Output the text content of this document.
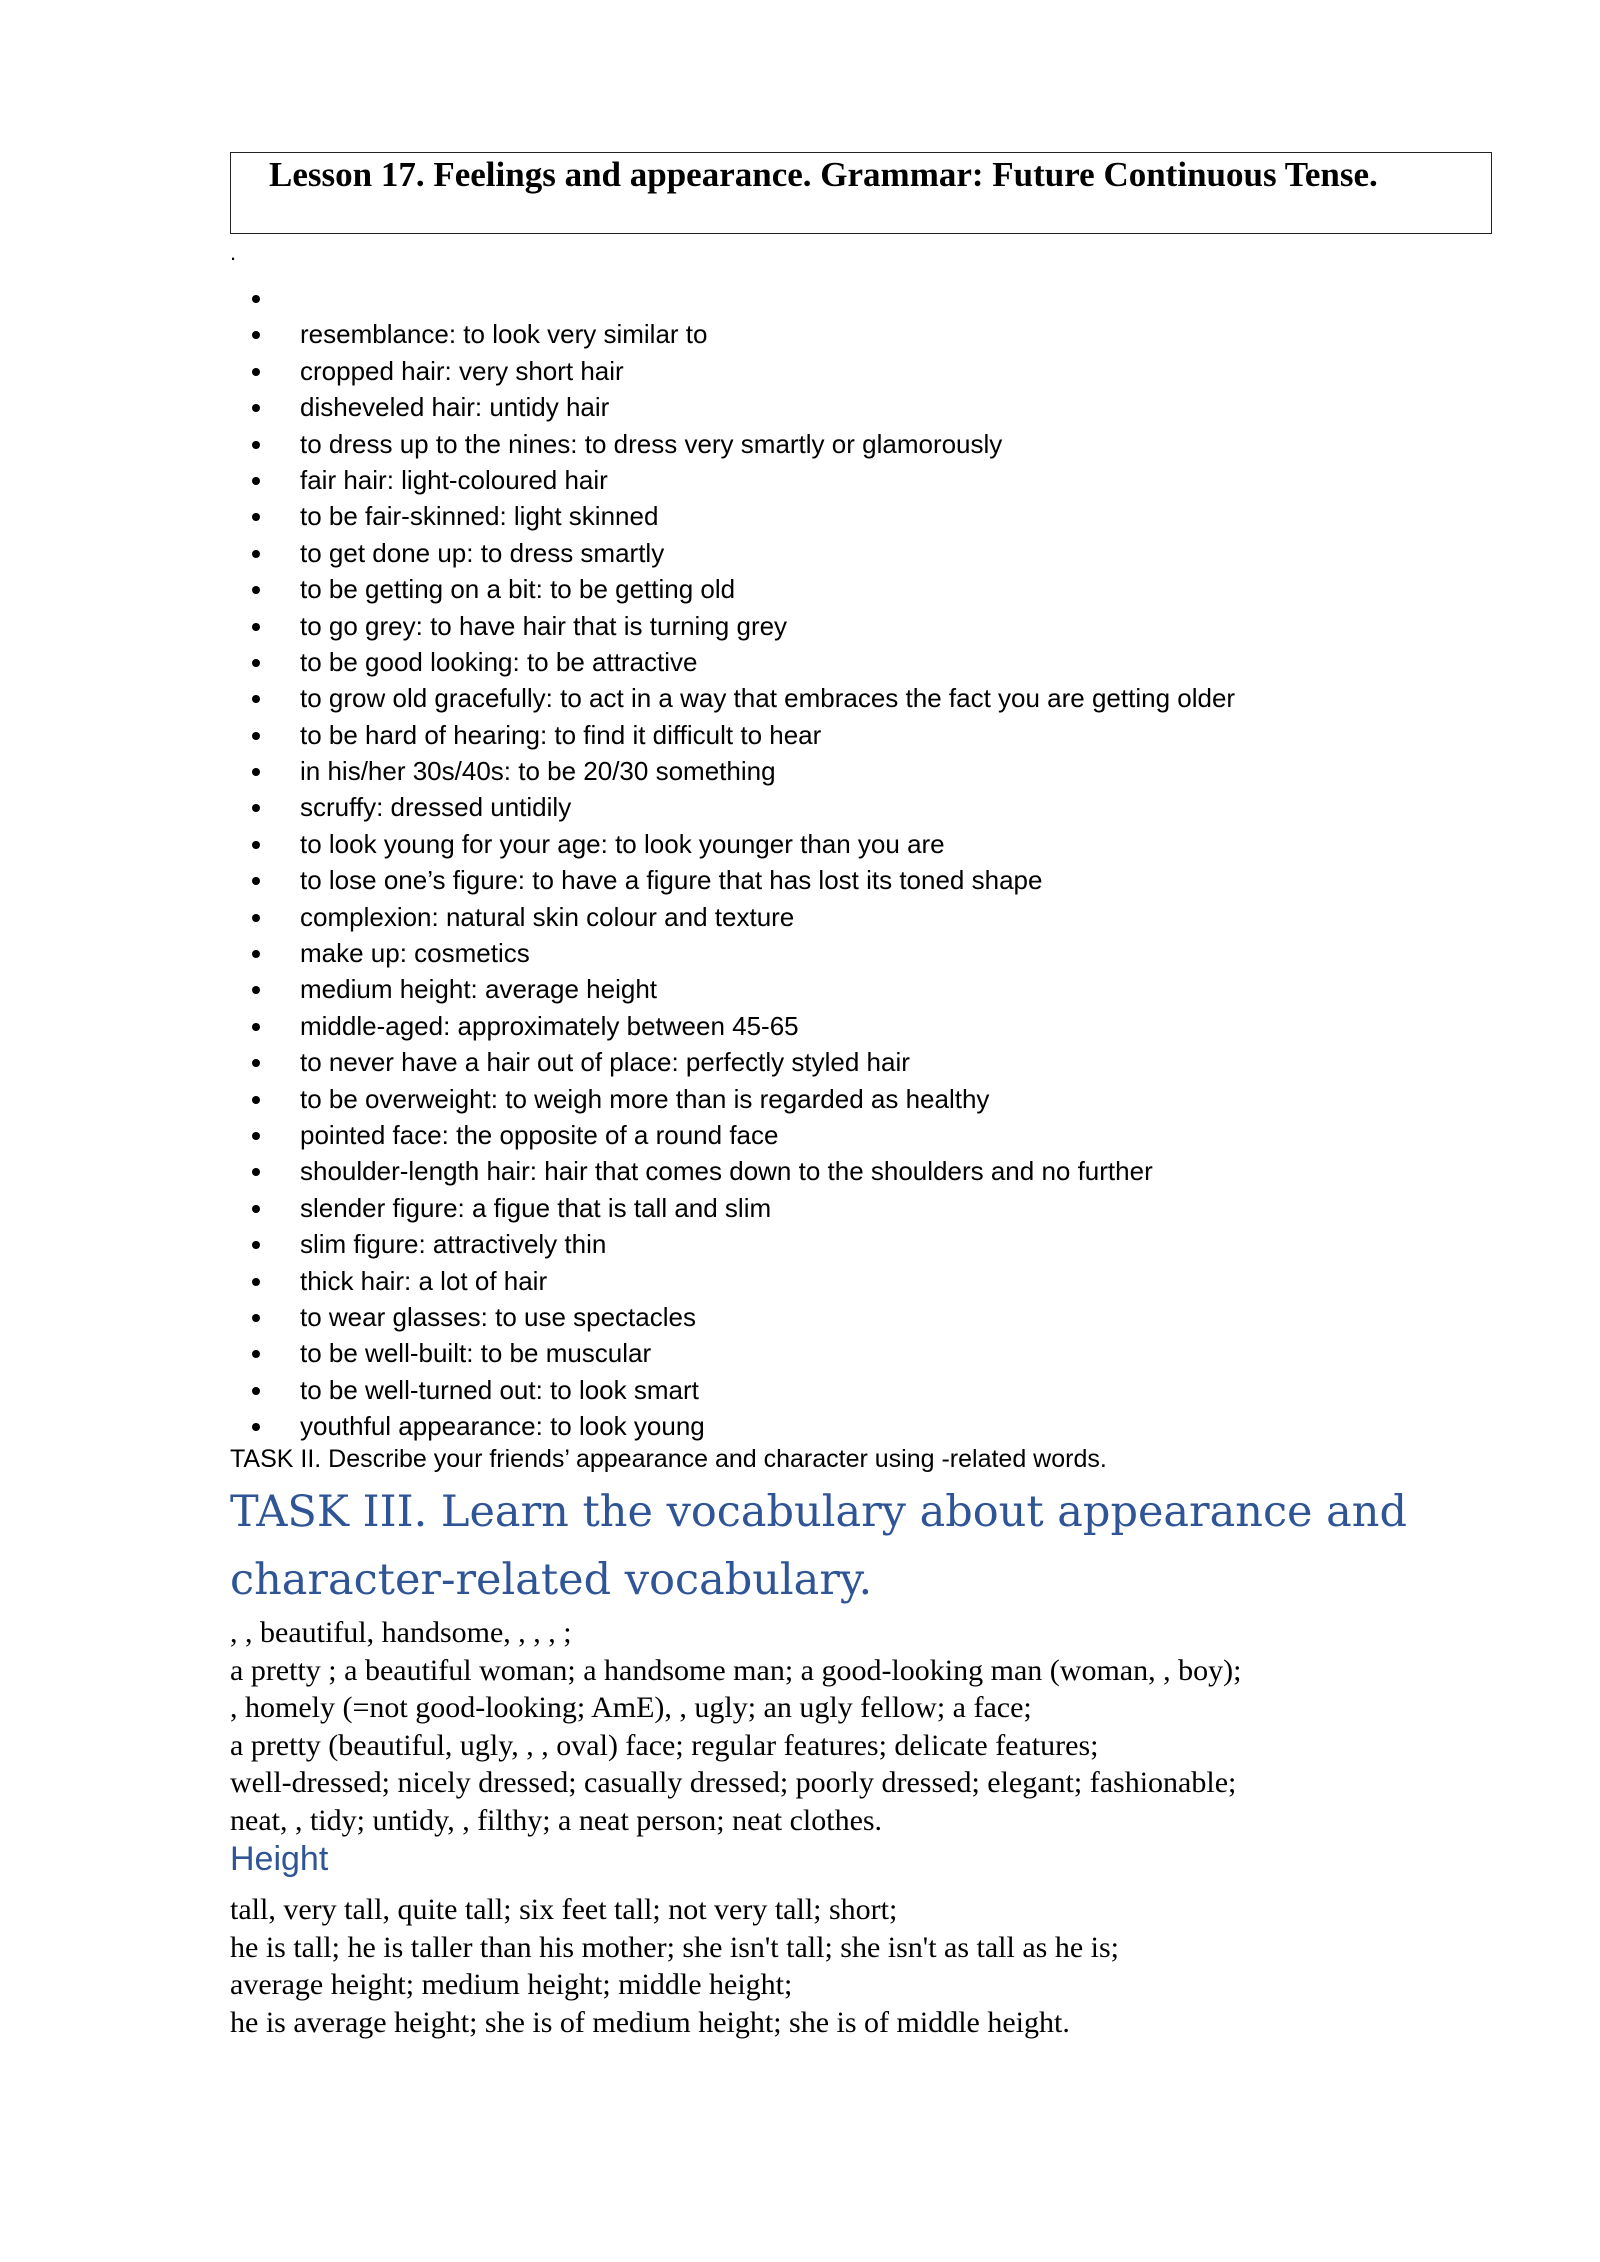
Lesson 17. Feelings and appearance. Grammar: Future Continuous Tense.
.
resemblance: to look very similar to
cropped hair: very short hair
disheveled hair: untidy hair
to dress up to the nines: to dress very smartly or glamorously
fair hair: light-coloured hair
to be fair-skinned: light skinned
to get done up: to dress smartly
to be getting on a bit: to be getting old
to go grey: to have hair that is turning grey
to be good looking: to be attractive
to grow old gracefully: to act in a way that embraces the fact you are getting older
to be hard of hearing: to find it difficult to hear
in his/her 30s/40s: to be 20/30 something
scruffy: dressed untidily
to look young for your age: to look younger than you are
to lose one’s figure: to have a figure that has lost its toned shape
complexion: natural skin colour and texture
make up: cosmetics
medium height: average height
middle-aged: approximately between 45-65
to never have a hair out of place: perfectly styled hair
to be overweight: to weigh more than is regarded as healthy
pointed face: the opposite of a round face
shoulder-length hair: hair that comes down to the shoulders and no further
slender figure: a figue that is tall and slim
slim figure: attractively thin
thick hair: a lot of hair
to wear glasses: to use spectacles
to be well-built: to be muscular
to be well-turned out: to look smart
youthful appearance: to look young
TASK II. Describe your friends’ appearance and character using -related words.
TASK III. Learn the vocabulary about appearance and character-related vocabulary.
, , beautiful, handsome, , , , ;
a pretty ; a beautiful woman; a handsome man; a good-looking man (woman, , boy);
, homely (=not good-looking; AmE), , ugly; an ugly fellow; a face;
a pretty (beautiful, ugly, , , oval) face; regular features; delicate features;
well-dressed; nicely dressed; casually dressed; poorly dressed; elegant; fashionable;
neat, , tidy; untidy, , filthy; a neat person; neat clothes.
Height
tall, very tall, quite tall; six feet tall; not very tall; short;
he is tall; he is taller than his mother; she isn't tall; she isn't as tall as he is;
average height; medium height; middle height;
he is average height; she is of medium height; she is of middle height.
